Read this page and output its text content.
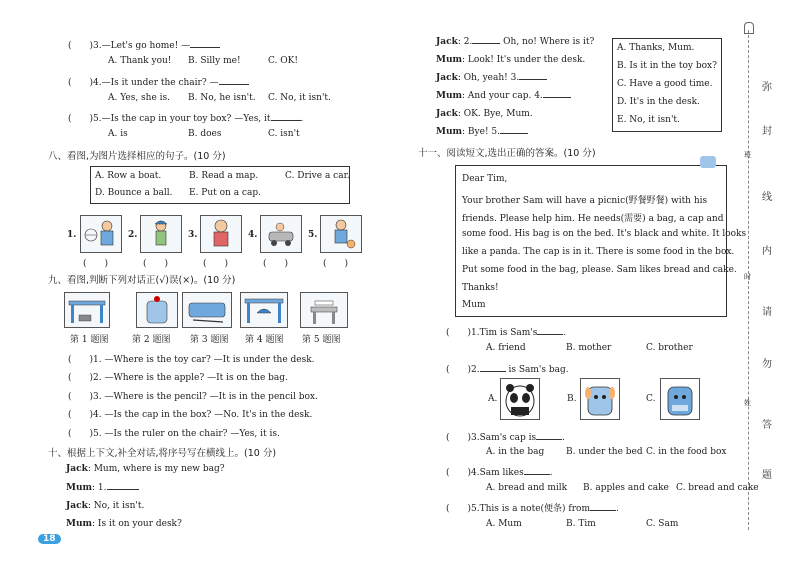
(　　)3.—Let's go home! —
A. Thank you! B. Silly me!	C. OK!
(　　)4.—Is it under the chair? —
A. Yes, she is. B. No, he isn't. C. No, it isn't.
(　　)5.—Is the cap in your toy box? —Yes, it	.
A. is	B. does	C. isn't
八、看图,为图片选择相应的句子。(10 分)
A. Row a boat.	B. Read a map.	C. Drive a car.
D. Bounce a ball. E. Put on a cap.
1.
(　　)
2.
(　　)
3.
(　　)
4.
(　　)
5.
(　　)
九、看图,判断下列对话正(√)误(×)。(10 分)
第 1 题图	第 2 题图 第 3 题图 第 4 题图 第 5 题图
(　　)1. —Where is the toy car? —It is under the desk.
(　　)2. —Where is the apple? —It is on the bag.
(　　)3. —Where is the pencil? —It is in the pencil box.
(　　)4. —Is the cap in the box? —No. It's in the desk.
(　　)5. —Is the ruler on the chair? —Yes, it is.
十、根据上下文,补全对话,将序号写在横线上。(10 分)
Jack: Mum, where is my new bag?
Mum: 1.
Jack: No, it isn't.
Mum: Is it on your desk?
18
Jack: 2.	Oh, no! Where is it?
Mum: Look! It's under the desk.
Jack: Oh, yeah! 3.
Mum: And your cap. 4.
Jack: OK. Bye, Mum.
Mum: Bye! 5.
A. Thanks, Mum.
B. Is it in the toy box?
C. Have a good time.
D. It's in the desk.
E. No, it isn't.
十一、阅读短文,选出正确的答案。(10 分)
Dear Tim,
Your brother Sam will have a picnic(野餐野餐) with his
friends. Please help him. He needs(需要) a bag, a cap and
some food. His bag is on the bed. It's black and white. It looks
like a panda. The cap is in it. There is some food in the box.
Put some food in the bag, please. Sam likes bread and cake.
Thanks!
Mum
(　　)1.Tim is Sam's	.
A. friend	B. mother	C. brother
(　　)2.	is Sam's bag.
A.	B.	C.
(　　)3.Sam's cap is	.
A. in the bag B. under the bed C. in the food box
(　　)4.Sam likes	.
A. bread and milk B. apples and cake C. bread and cake
(　　)5.This is a note(便条) from	.
A. Mum	B. Tim	C. Sam
弥
封
班
线
内
时
请
勿
姓
答
题
